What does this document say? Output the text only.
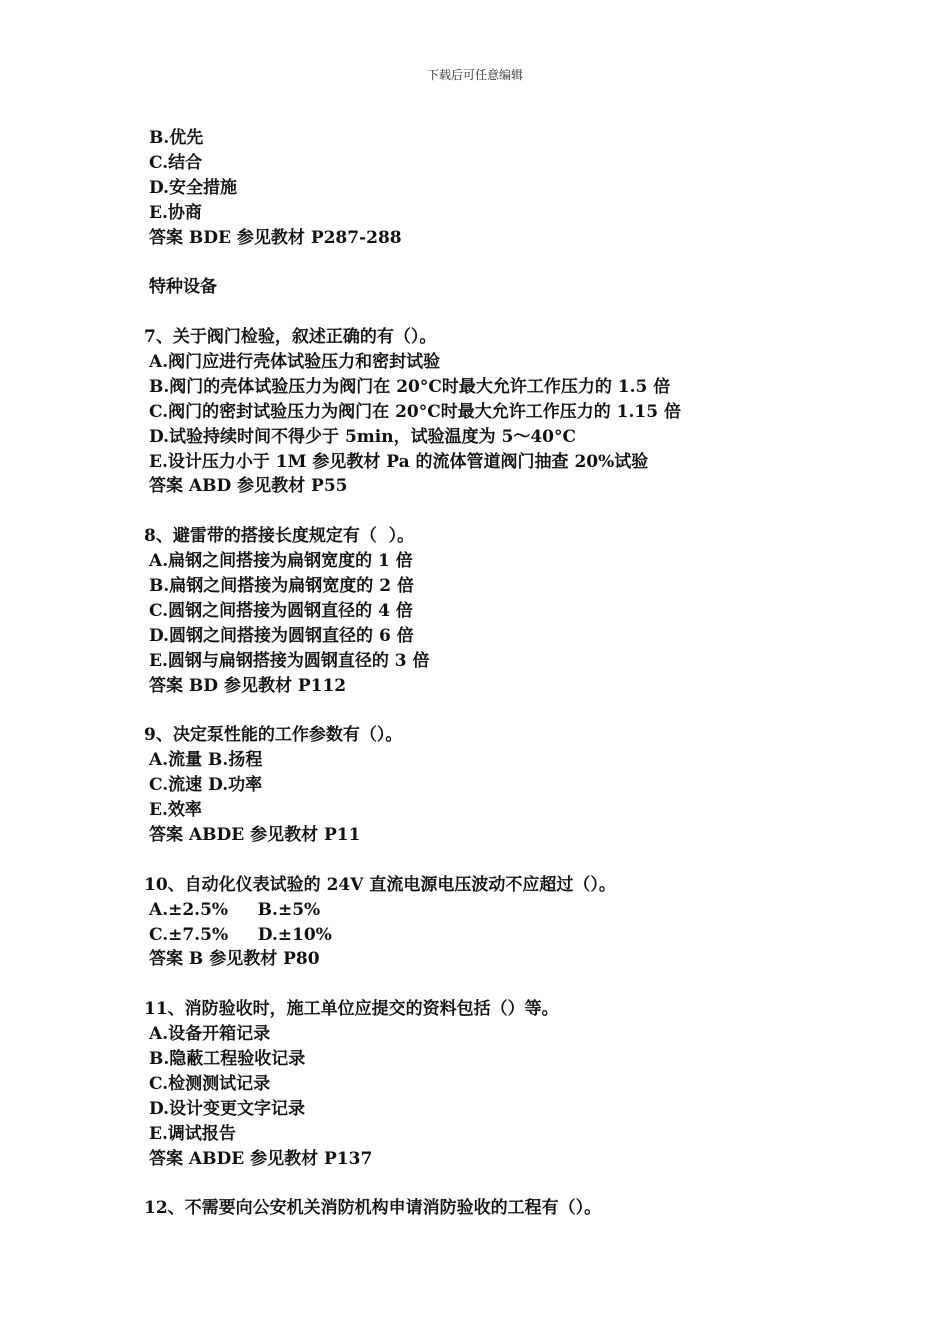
下载后可任意编辑
B.优先
C.结合
D.安全措施
E.协商
答案 BDE 参见教材 P287-288
特种设备
7、关于阀门检验，叙述正确的有（）。
A.阀门应进行壳体试验压力和密封试验
B.阀门的壳体试验压力为阀门在 20°C时最大允许工作压力的 1.5 倍
C.阀门的密封试验压力为阀门在 20°C时最大允许工作压力的 1.15 倍
D.试验持续时间不得少于 5min，试验温度为 5～40°C
E.设计压力小于 1M 参见教材 Pa 的流体管道阀门抽查 20%试验
答案 ABD 参见教材 P55
8、避雷带的搭接长度规定有（  ）。
A.扁钢之间搭接为扁钢宽度的 1 倍
B.扁钢之间搭接为扁钢宽度的 2 倍
C.圆钢之间搭接为圆钢直径的 4 倍
D.圆钢之间搭接为圆钢直径的 6 倍
E.圆钢与扁钢搭接为圆钢直径的 3 倍
答案 BD 参见教材 P112
9、决定泵性能的工作参数有（）。
A.流量 B.扬程
C.流速 D.功率
E.效率
答案 ABDE 参见教材 P11
10、自动化仪表试验的 24V 直流电源电压波动不应超过（）。
A.±2.5%     B.±5%
C.±7.5%     D.±10%
答案 B 参见教材 P80
11、消防验收时，施工单位应提交的资料包括（）等。
A.设备开箱记录
B.隐蔽工程验收记录
C.检测测试记录
D.设计变更文字记录
E.调试报告
答案 ABDE 参见教材 P137
12、不需要向公安机关消防机构申请消防验收的工程有（）。
